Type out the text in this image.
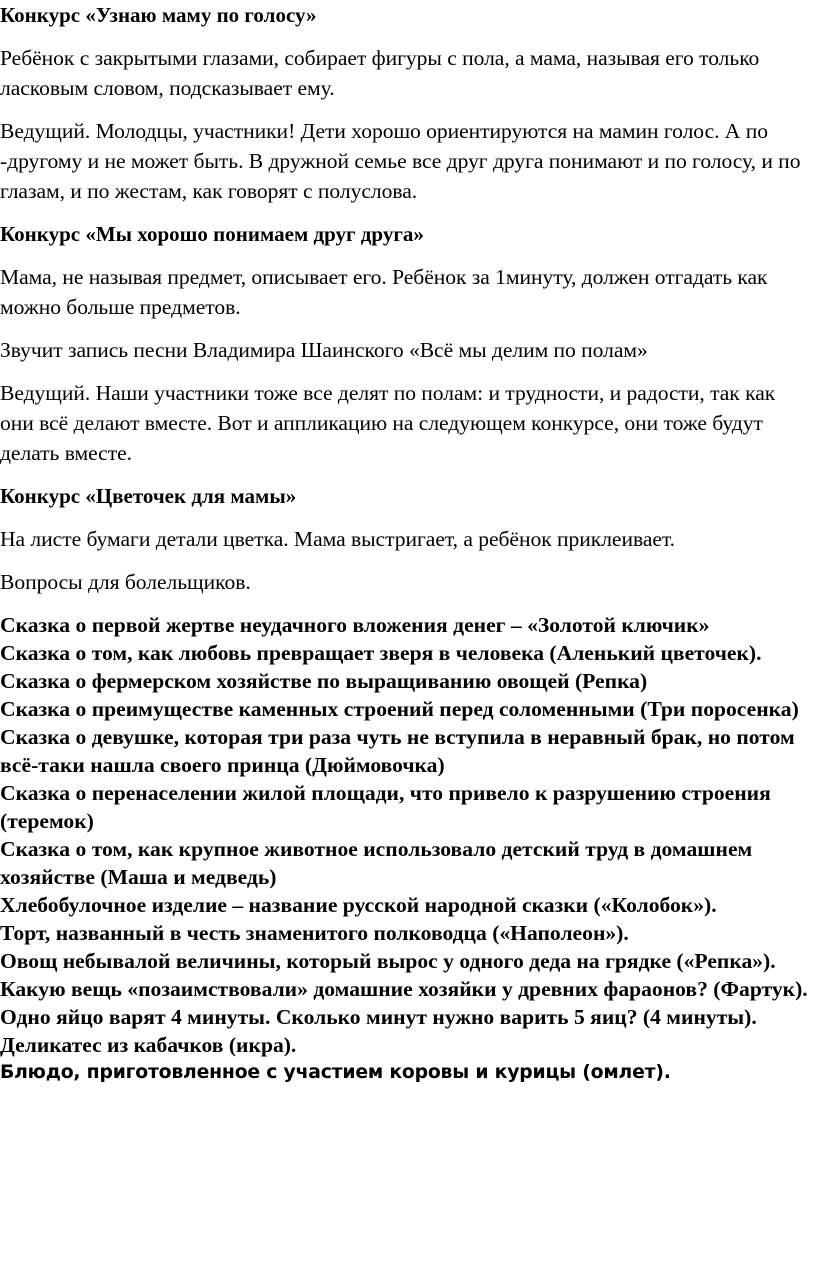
Конкурс «Узнаю маму по голосу»

Ребёнок с закрытыми глазами, собирает фигуры с пола, а мама, называя его только ласковым словом, подсказывает ему.

Ведущий. Молодцы, участники! Дети хорошо ориентируются на мамин голос. А по -другому и не может быть. В дружной семье все друг друга понимают и по голосу, и по глазам, и по жестам, как говорят с полуслова.

Конкурс «Мы хорошо понимаем друг друга»

Мама, не называя предмет, описывает его. Ребёнок за 1минуту, должен отгадать как можно больше предметов.

Звучит запись песни Владимира Шаинского «Всё мы делим по полам»

Ведущий. Наши участники тоже все делят по полам: и трудности, и радости, так как они всё делают вместе. Вот и аппликацию на следующем конкурсе, они тоже будут делать вместе.

Конкурс «Цветочек для мамы»

На листе бумаги детали цветка. Мама выстригает, а ребёнок приклеивает.

Вопросы для болельщиков.

Сказка о первой жертве неудачного вложения денег – «Золотой ключик»
Сказка о том, как любовь превращает зверя в человека (Аленький цветочек).
Сказка о фермерском хозяйстве по выращиванию овощей (Репка)
Сказка о преимуществе каменных строений перед соломенными (Три поросенка)
Сказка о девушке, которая три раза чуть не вступила в неравный брак, но потом всё-таки нашла своего принца (Дюймовочка)
Сказка о перенаселении жилой площади, что привело к разрушению строения (теремок)
Сказка о том, как крупное животное использовало детский труд в домашнем хозяйстве (Маша и медведь)
Хлебобулочное изделие – название русской народной сказки («Колобок»).
Торт, названный в честь знаменитого полководца («Наполеон»).
Овощ небывалой величины, который вырос у одного деда на грядке («Репка»).
Какую вещь «позаимствовали» домашние хозяйки у древних фараонов? (Фартук).
Одно яйцо варят 4 минуты. Сколько минут нужно варить 5 яиц? (4 минуты).
Деликатес из кабачков (икра).
Блюдо, приготовленное с участием коровы и курицы (омлет).
